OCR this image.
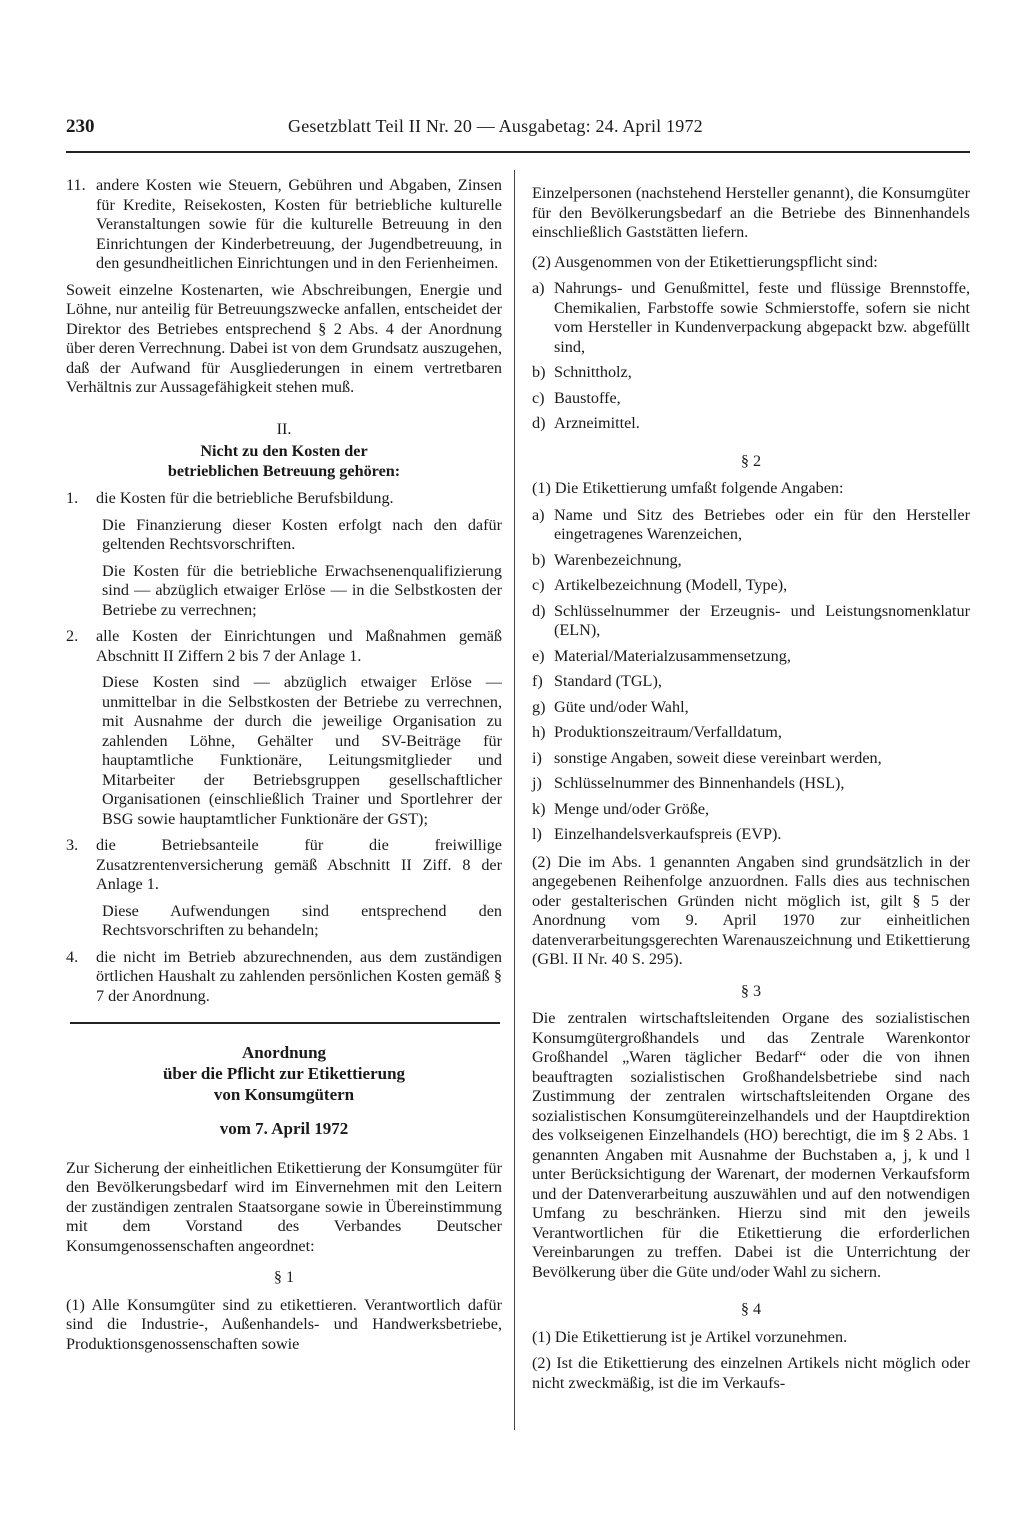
230	Gesetzblatt Teil II Nr. 20 — Ausgabetag: 24. April 1972
11. andere Kosten wie Steuern, Gebühren und Abgaben, Zinsen für Kredite, Reisekosten, Kosten für betriebliche kulturelle Veranstaltungen sowie für die kulturelle Betreuung in den Einrichtungen der Kinderbetreuung, der Jugendbetreuung, in den gesundheitlichen Einrichtungen und in den Ferienheimen.

Soweit einzelne Kostenarten, wie Abschreibungen, Energie und Löhne, nur anteilig für Betreuungszwecke anfallen, entscheidet der Direktor des Betriebes entsprechend § 2 Abs. 4 der Anordnung über deren Verrechnung. Dabei ist von dem Grundsatz auszugehen, daß der Aufwand für Ausgliederungen in einem vertretbaren Verhältnis zur Aussagefähigkeit stehen muß.

II.

Nicht zu den Kosten der

betrieblichen Betreuung gehören:

1.	die Kosten für die betriebliche Berufsbildung.

Die Finanzierung dieser Kosten erfolgt nach den dafür geltenden Rechtsvorschriften.

Die Kosten für die betriebliche Erwachsenenqualifizierung sind — abzüglich etwaiger Erlöse — in die Selbstkosten der Betriebe zu verrechnen;

2.	alle Kosten der Einrichtungen und Maßnahmen gemäß Abschnitt II Ziffern 2 bis 7 der Anlage 1.

Diese Kosten sind — abzüglich etwaiger Erlöse — unmittelbar in die Selbstkosten der Betriebe zu verrechnen, mit Ausnahme der durch die jeweilige Organisation zu zahlenden Löhne, Gehälter und SV-Beiträge für hauptamtliche Funktionäre, Leitungsmitglieder und Mitarbeiter der Betriebsgruppen gesellschaftlicher Organisationen (einschließlich Trainer und Sportlehrer der BSG sowie hauptamtlicher Funktionäre der GST);

3.	die Betriebsanteile für die freiwillige Zusatzrentenversicherung gemäß Abschnitt II Ziff. 8 der Anlage 1.

Diese Aufwendungen sind entsprechend den Rechtsvorschriften zu behandeln;

4.	die nicht im Betrieb abzurechnenden, aus dem zuständigen örtlichen Haushalt zu zahlenden persönlichen Kosten gemäß § 7 der Anordnung.

Anordnung

über die Pflicht zur Etikettierung

von Konsumgütern

vom 7. April 1972

Zur Sicherung der einheitlichen Etikettierung der Konsumgüter für den Bevölkerungsbedarf wird im Einvernehmen mit den Leitern der zuständigen zentralen Staatsorgane sowie in Übereinstimmung mit dem Vorstand des Verbandes Deutscher Konsumgenossenschaften angeordnet:

§ 1

(1) Alle Konsumgüter sind zu etikettieren. Verantwortlich dafür sind die Industrie-, Außenhandels- und Handwerksbetriebe, Produktionsgenossenschaften sowie

Einzelpersonen (nachstehend Hersteller genannt), die Konsumgüter für den Bevölkerungsbedarf an die Betriebe des Binnenhandels einschließlich Gaststätten liefern.

(2) Ausgenommen von der Etikettierungspflicht sind:

a) Nahrungs- und Genußmittel, feste und flüssige Brennstoffe, Chemikalien, Farbstoffe sowie Schmierstoffe, sofern sie nicht vom Hersteller in Kundenverpackung abgepackt bzw. abgefüllt sind,
b) Schnittholz,
c) Baustoffe,
d) Arzneimittel.

§ 2

(1) Die Etikettierung umfaßt folgende Angaben:

a) Name und Sitz des Betriebes oder ein für den Hersteller eingetragenes Warenzeichen,
b) Warenbezeichnung,
c) Artikelbezeichnung (Modell, Type),
d) Schlüsselnummer der Erzeugnis- und Leistungsnomenklatur (ELN),
e) Material/Materialzusammensetzung,
f) Standard (TGL),
g) Güte und/oder Wahl,
h) Produktionszeitraum/Verfalldatum,
i) sonstige Angaben, soweit diese vereinbart werden,
j) Schlüsselnummer des Binnenhandels (HSL),
k) Menge und/oder Größe,
l) Einzelhandelsverkaufspreis (EVP).

(2) Die im Abs. 1 genannten Angaben sind grundsätzlich in der angegebenen Reihenfolge anzuordnen. Falls dies aus technischen oder gestalterischen Gründen nicht möglich ist, gilt § 5 der Anordnung vom 9. April 1970 zur einheitlichen datenverarbeitungsgerechten Warenauszeichnung und Etikettierung (GBl. II Nr. 40 S. 295).

§ 3

Die zentralen wirtschaftsleitenden Organe des sozialistischen Konsumgütergroßhandels und das Zentrale Warenkontor Großhandel „Waren täglicher Bedarf“ oder die von ihnen beauftragten sozialistischen Großhandelsbetriebe sind nach Zustimmung der zentralen wirtschaftsleitenden Organe des sozialistischen Konsumgütereinzelhandels und der Hauptdirektion des volkseigenen Einzelhandels (HO) berechtigt, die im § 2 Abs. 1 genannten Angaben mit Ausnahme der Buchstaben a, j, k und l unter Berücksichtigung der Warenart, der modernen Verkaufsform und der Datenverarbeitung auszuwählen und auf den notwendigen Umfang zu beschränken. Hierzu sind mit den jeweils Verantwortlichen für die Etikettierung die erforderlichen Vereinbarungen zu treffen. Dabei ist die Unterrichtung der Bevölkerung über die Güte und/oder Wahl zu sichern.

§ 4

(1) Die Etikettierung ist je Artikel vorzunehmen.

(2) Ist die Etikettierung des einzelnen Artikels nicht möglich oder nicht zweckmäßig, ist die im Verkaufs-
